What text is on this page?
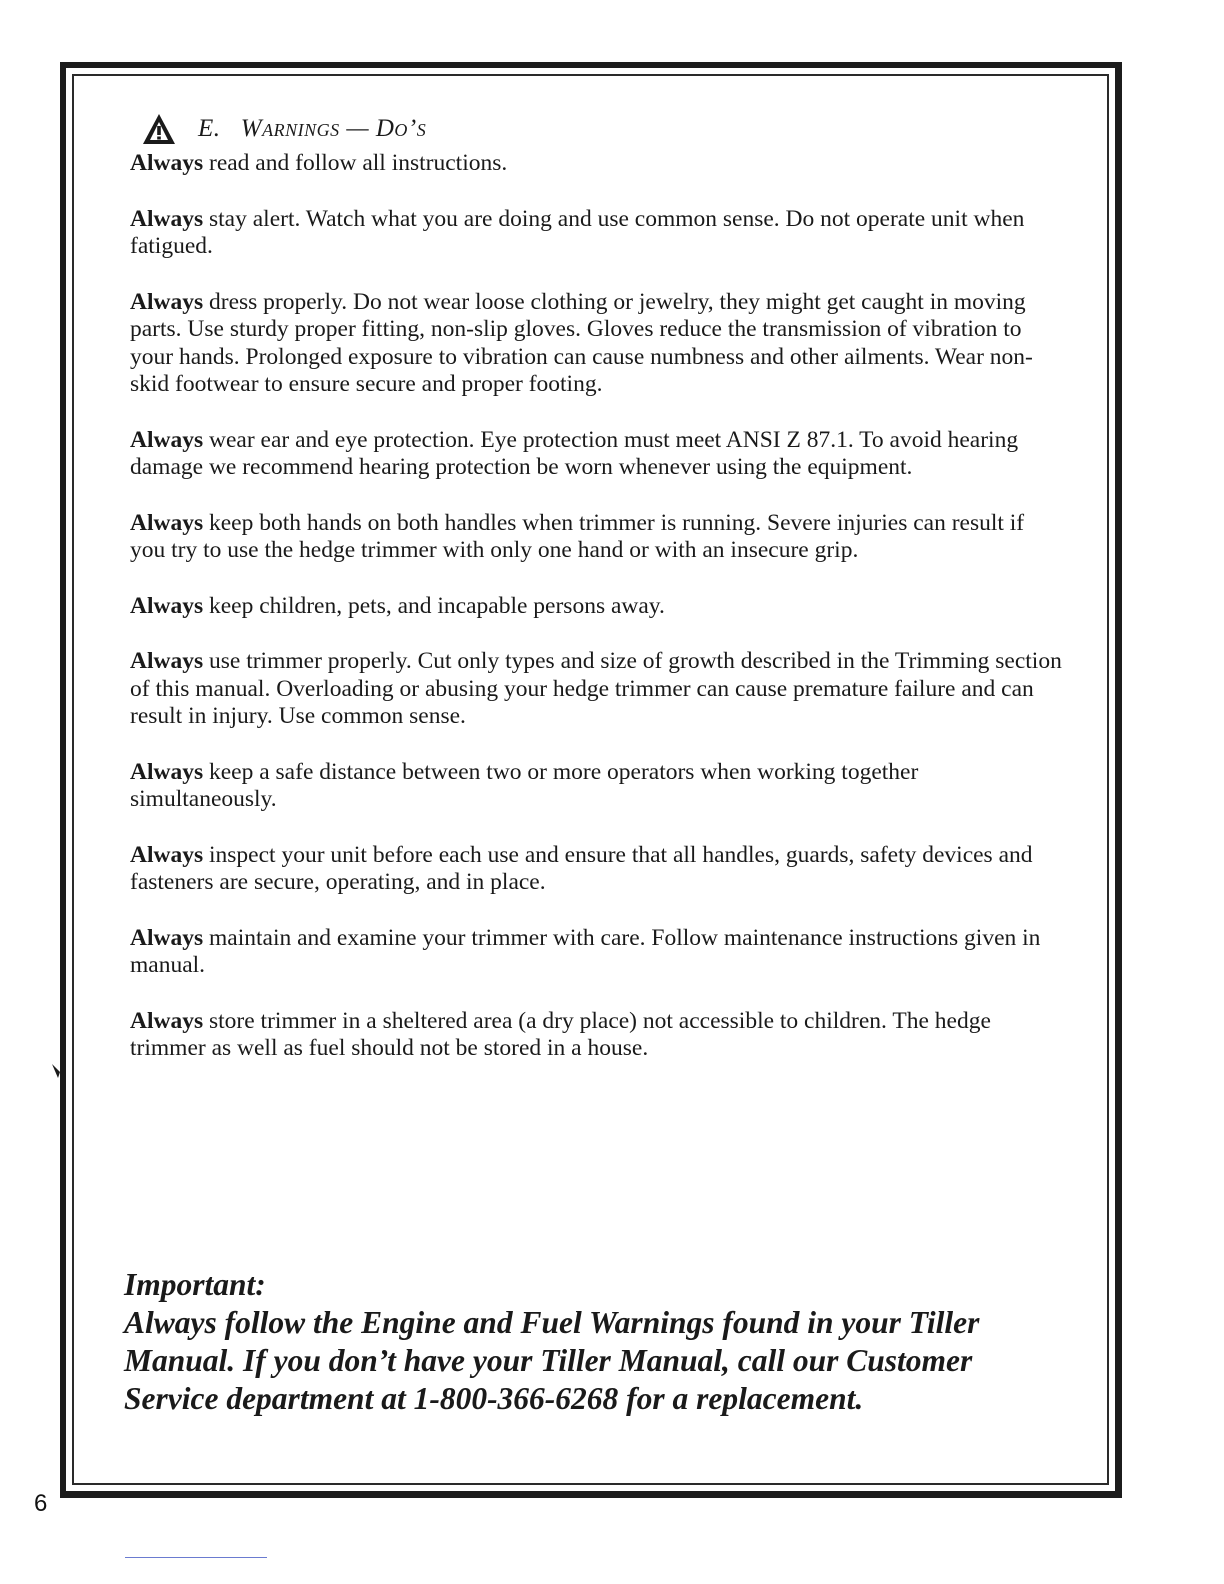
E. Warnings — Do’s

Always read and follow all instructions.

Always stay alert. Watch what you are doing and use common sense. Do not operate unit when fatigued.

Always dress properly. Do not wear loose clothing or jewelry, they might get caught in moving parts. Use sturdy proper fitting, non-slip gloves. Gloves reduce the transmission of vibration to your hands. Prolonged exposure to vibration can cause numbness and other ailments. Wear non-skid footwear to ensure secure and proper footing.

Always wear ear and eye protection. Eye protection must meet ANSI Z 87.1. To avoid hearing damage we recommend hearing protection be worn whenever using the equipment.

Always keep both hands on both handles when trimmer is running. Severe injuries can result if you try to use the hedge trimmer with only one hand or with an insecure grip.

Always keep children, pets, and incapable persons away.

Always use trimmer properly. Cut only types and size of growth described in the Trimming section of this manual. Overloading or abusing your hedge trimmer can cause premature failure and can result in injury. Use common sense.

Always keep a safe distance between two or more operators when working together simultaneously.

Always inspect your unit before each use and ensure that all handles, guards, safety devices and fasteners are secure, operating, and in place.

Always maintain and examine your trimmer with care. Follow maintenance instructions given in manual.

Always store trimmer in a sheltered area (a dry place) not accessible to children. The hedge trimmer as well as fuel should not be stored in a house.

Important:
Always follow the Engine and Fuel Warnings found in your Tiller Manual. If you don’t have your Tiller Manual, call our Customer Service department at 1-800-366-6268 for a replacement.
6
